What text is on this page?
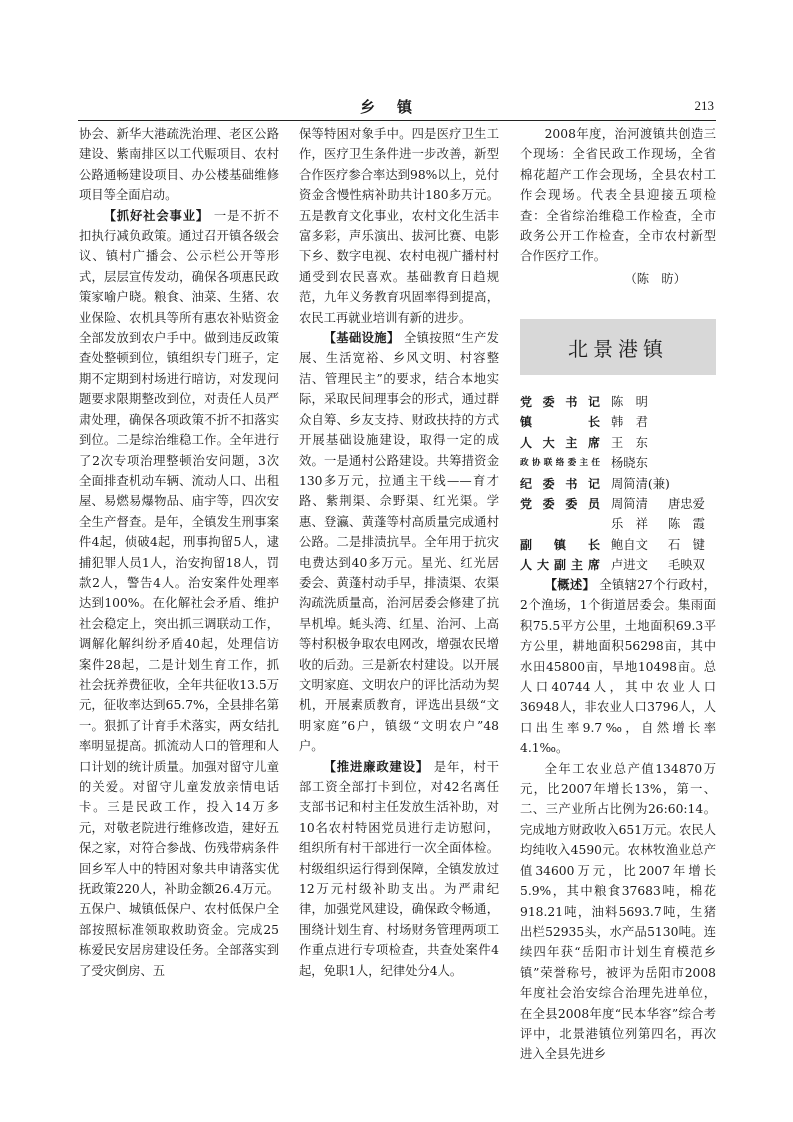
乡镇	213

协会、新华大港疏洗治理、老区公路建设、紫南排区以工代赈项目、农村公路通畅建设项目、办公楼基础维修项目等全面启动。

【抓好社会事业】 一是不折不扣执行减负政策。通过召开镇各级会议、镇村广播会、公示栏公开等形式，层层宣传发动，确保各项惠民政策家喻户晓。粮食、油菜、生猪、农业保险、农机具等所有惠农补贴资金全部发放到农户手中。做到违反政策查处整顿到位，镇组织专门班子，定期不定期到村场进行暗访，对发现问题要求限期整改到位，对责任人员严肃处理，确保各项政策不折不扣落实到位。二是综治维稳工作。全年进行了2次专项治理整顿治安问题，3次全面排查机动车辆、流动人口、出租屋、易燃易爆物品、庙宇等，四次安全生产督查。是年，全镇发生刑事案件4起，侦破4起，刑事拘留5人，逮捕犯罪人员1人，治安拘留18人，罚款2人，警告4人。治安案件处理率达到100%。在化解社会矛盾、维护社会稳定上，突出抓三调联动工作，调解化解纠纷矛盾40起，处理信访案件28起，二是计划生育工作，抓社会抚养费征收，全年共征收13.5万元，征收率达到65.7%，全县排名第一。狠抓了计育手术落实，两女结扎率明显提高。抓流动人口的管理和人口计划的统计质量。加强对留守儿童的关爱。对留守儿童发放亲情电话卡。三是民政工作，投入14万多元，对敬老院进行维修改造，建好五保之家，对符合参战、伤残带病条件回乡军人中的特困对象共申请落实优抚政策220人，补助金额26.4万元。五保户、城镇低保户、农村低保户全部按照标准领取救助资金。完成25栋爱民安居房建设任务。全部落实到了受灾倒房、五

保等特困对象手中。四是医疗卫生工作，医疗卫生条件进一步改善，新型合作医疗参合率达到98%以上，兑付资金含慢性病补助共计180多万元。五是教育文化事业，农村文化生活丰富多彩，声乐演出、拔河比赛、电影下乡、数字电视、农村电视广播村村通受到农民喜欢。基础教育日趋规范，九年义务教育巩固率得到提高，农民工再就业培训有新的进步。

【基础设施】 全镇按照“生产发展、生活宽裕、乡风文明、村容整洁、管理民主”的要求，结合本地实际，采取民间理事会的形式，通过群众自筹、乡友支持、财政扶持的方式开展基础设施建设，取得一定的成效。一是通村公路建设。共筹措资金130多万元，拉通主干线——育才路、紫荆渠、佘野渠、红光渠。学惠、登瀛、黄蓬等村高质量完成通村公路。二是排渍抗旱。全年用于抗灾电费达到40多万元。星光、红光居委会、黄蓬村动手早，排渍渠、农渠沟疏洗质量高，治河居委会修建了抗旱机埠。蚝头湾、红星、治河、上高等村积极争取农电网改，增强农民增收的后劲。三是新农村建设。以开展文明家庭、文明农户的评比活动为契机，开展素质教育，评选出县级“文明家庭”6户，镇级“文明农户”48户。

【推进廉政建设】 是年，村干部工资全部打卡到位，对42名离任支部书记和村主任发放生活补助，对10名农村特困党员进行走访慰问，组织所有村干部进行一次全面体检。村级组织运行得到保障，全镇发放过12万元村级补助支出。为严肃纪律，加强党风建设，确保政令畅通，围绕计划生育、村场财务管理两项工作重点进行专项检查，共查处案件4起，免职1人，纪律处分4人。

2008年度，治河渡镇共创造三个现场：全省民政工作现场，全省棉花超产工作会现场，全县农村工作会现场。代表全县迎接五项检查：全省综治维稳工作检查，全市政务公开工作检查，全市农村新型合作医疗工作。

（陈　昉）

北景港镇
党委书记 陈　明
镇　　长 韩　君
人大主席 王　东
政协联络委主任 杨晓东
纪委书记 周简清(兼)
党委委员 周简清 唐忠爱
乐　祥 陈　霞
副　镇　长 鲍自文 石　键
人大副主席 卢进文 毛映双

【概述】 全镇辖27个行政村，2个渔场，1个街道居委会。集雨面积75.5平方公里，土地面积69.3平方公里，耕地面积56298亩，其中水田45800亩，旱地10498亩。总人口40744人，其中农业人口36948人，非农业人口3796人，人口出生率9.7‰，自然增长率4.1‰。

全年工农业总产值134870万元，比2007年增长13%，第一、二、三产业所占比例为26:60:14。完成地方财政收入651万元。农民人均纯收入4590元。农林牧渔业总产值34600万元，比2007年增长5.9%，其中粮食37683吨，棉花918.21吨，油料5693.7吨，生猪出栏52935头，水产品5130吨。连续四年获“岳阳市计划生育模范乡镇”荣誉称号，被评为岳阳市2008年度社会治安综合治理先进单位，在全县2008年度“民本华容”综合考评中，北景港镇位列第四名，再次进入全县先进乡
